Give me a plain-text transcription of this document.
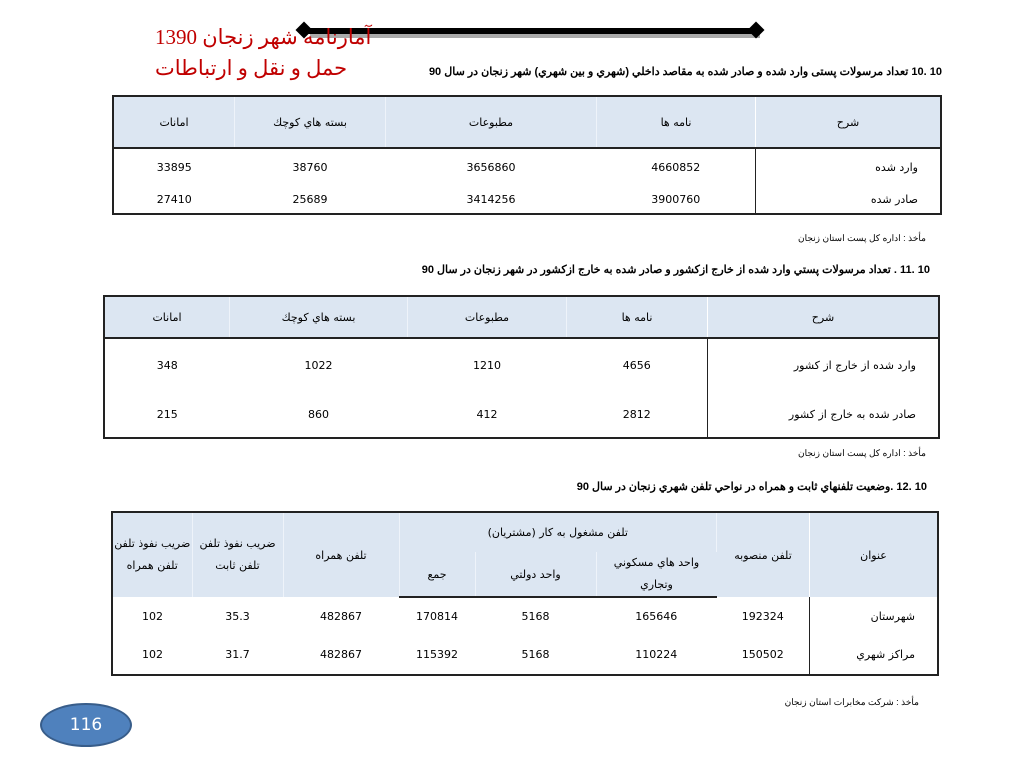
آمارنامه شهر زنجان 1390
حمل و نقل و ارتباطات	10 .10 تعداد مرسولات پستی وارد شده و صادر شده به مقاصد داخلي (شهري و بين شهري) شهر زنجان در سال 90
شرح	نامه ها	مطبوعات	بسته هاي كوچك	امانات
وارد شده	4660852	3656860	38760	33895
صادر شده	3900760	3414256	25689	27410
مأخذ : اداره کل پست استان زنجان
10 .11 . تعداد مرسولات پستي وارد شده از خارج ازكشور و صادر شده به خارج ازكشور در شهر زنجان در سال 90
شرح	نامه ها	مطبوعات	بسته هاي كوچك	امانات
وارد شده از خارج از كشور	4656	1210	1022	348
صادر شده به خارج از كشور	2812	412	860	215
مأخذ : اداره کل پست استان زنجان
10 .12 .وضعيت تلفنهاي ثابت و همراه در نواحي تلفن شهري زنجان در سال 90
عنوان	تلفن منصوبه	تلفن مشغول به كار (مشتريان)			تلفن همراه	ضريب نفوذ تلفن تلفن ثابت	ضريب نفوذ تلفن تلفن همراه
		واحد هاي مسكوني وتجاري	واحد دولتي	جمع			
شهرستان	192324	165646	5168	170814	482867	35.3	102
مراكز شهري	150502	110224	5168	115392	482867	31.7	102
مأخذ : شركت مخابرات استان زنجان
116
